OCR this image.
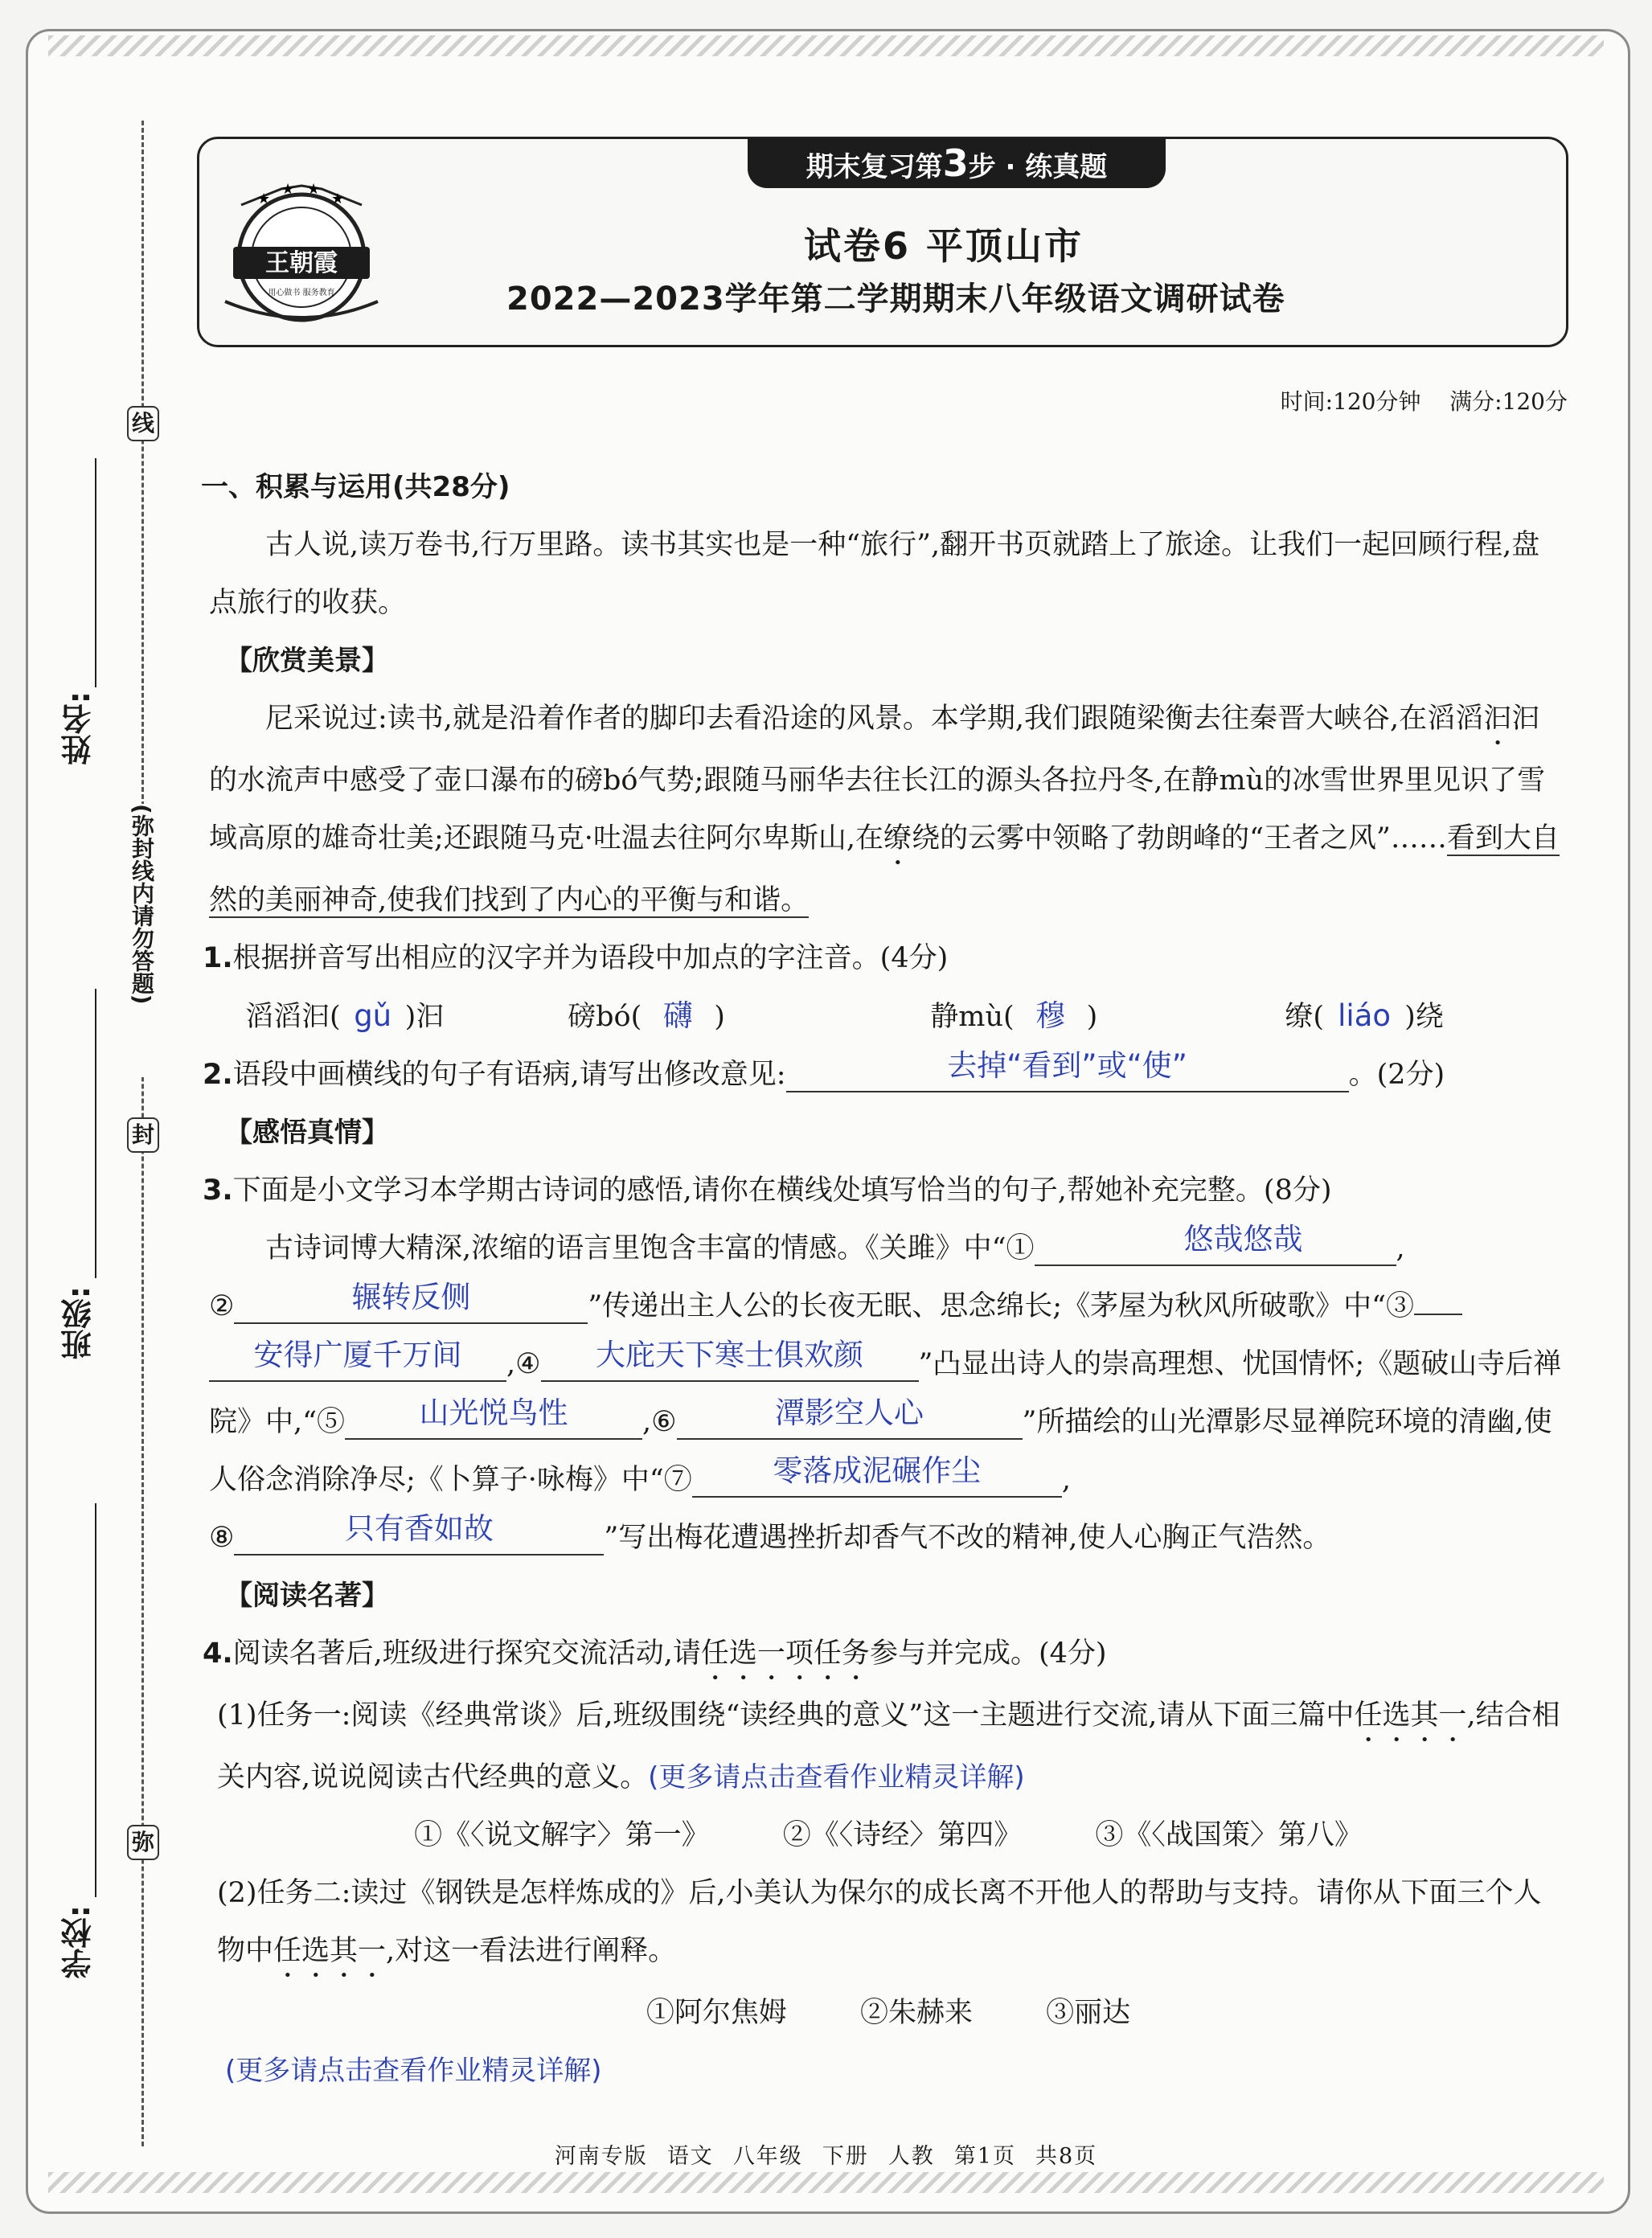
线
(弥封线内请勿答题)
封
弥
姓名:
班级:
学校:
期末复习第3步 · 练真题
★
★ ★
★
王朝霞
用心做书 服务教育
试卷6 平顶山市
2022—2023学年第二学期期末八年级语文调研试卷
时间:120分钟 满分:120分
一、积累与运用(共28分)
古人说,读万卷书,行万里路。读书其实也是一种“旅行”,翻开书页就踏上了旅途。让我们一起回顾行程,盘点旅行的收获。
【欣赏美景】
尼采说过:读书,就是沿着作者的脚印去看沿途的风景。本学期,我们跟随梁衡去往秦晋大峡谷,在滔滔汩汩的水流声中感受了壶口瀑布的磅bó气势;跟随马丽华去往长江的源头各拉丹冬,在静mù的冰雪世界里见识了雪域高原的雄奇壮美;还跟随马克·吐温去往阿尔卑斯山,在缭绕的云雾中领略了勃朗峰的“王者之风”……看到大自然的美丽神奇,使我们找到了内心的平衡与和谐。
1.根据拼音写出相应的汉字并为语段中加点的字注音。(4分)
滔滔汩( gǔ )汩	磅bó( 礴 )	静mù( 穆 )	缭( liáo )绕
2.语段中画横线的句子有语病,请写出修改意见:	去掉“看到”或“使”	。(2分)
【感悟真情】
3.下面是小文学习本学期古诗词的感悟,请你在横线处填写恰当的句子,帮她补充完整。(8分)
古诗词博大精深,浓缩的语言里饱含丰富的情感。《关雎》中“①	悠哉悠哉	,
②	辗转反侧	”传递出主人公的长夜无眠、思念绵长;《茅屋为秋风所破歌》中“③
安得广厦千万间 ,④ 大庇天下寒士俱欢颜 ”凸显出诗人的崇高理想、忧国情怀;《题破山寺后禅院》中,“⑤	山光悦鸟性	,⑥	潭影空人心	”所描绘的山光潭影尽显禅院环境的清幽,使人俗念消除净尽;《卜算子·咏梅》中“⑦	零落成泥碾作尘	,
⑧	只有香如故	”写出梅花遭遇挫折却香气不改的精神,使人心胸正气浩然。
【阅读名著】
4.阅读名著后,班级进行探究交流活动,请任选一项任务参与并完成。(4分)
(1)任务一:阅读《经典常谈》后,班级围绕“读经典的意义”这一主题进行交流,请从下面三篇中任选其一,结合相关内容,说说阅读古代经典的意义。(更多请点击查看作业精灵详解)
①《〈说文解字〉第一》	②《〈诗经〉第四》	③《〈战国策〉第八》
(2)任务二:读过《钢铁是怎样炼成的》后,小美认为保尔的成长离不开他人的帮助与支持。请你从下面三个人物中任选其一,对这一看法进行阐释。
①阿尔焦姆	②朱赫来	③丽达
(更多请点击查看作业精灵详解)
河南专版 语文 八年级 下册 人教 第1页 共8页
